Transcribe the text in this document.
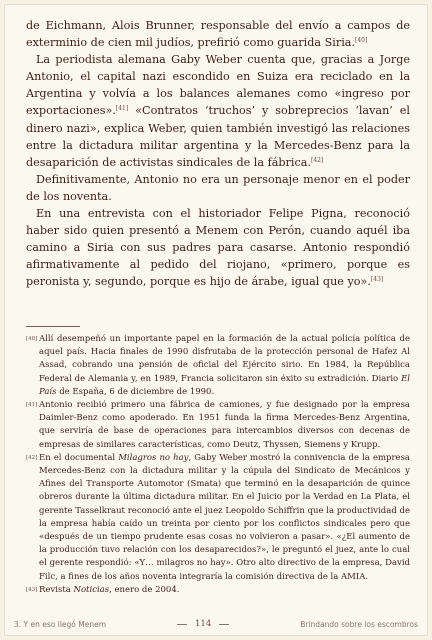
de Eichmann, Alois Brunner, responsable del envío a campos de exterminio de cien mil judíos, prefirió como guarida Siria.[40]

La periodista alemana Gaby Weber cuenta que, gracias a Jorge Antonio, el capital nazi escondido en Suiza era reciclado en la Argentina y volvía a los balances alemanes como «ingreso por exportaciones».[41] «Contratos ‘truchos’ y sobreprecios ‘lavan’ el dinero nazi», explica Weber, quien también investigó las relaciones entre la dictadura militar argentina y la Mercedes-Benz para la desaparición de activistas sindicales de la fábrica.[42]

Definitivamente, Antonio no era un personaje menor en el poder de los noventa.

En una entrevista con el historiador Felipe Pigna, reconoció haber sido quien presentó a Menem con Perón, cuando aquél iba camino a Siria con sus padres para casarse. Antonio respondió afirmativamente al pedido del riojano, «primero, porque es peronista y, segundo, porque es hijo de árabe, igual que yo».[43]

[40] Allí desempeñó un importante papel en la formación de la actual policía política de aquel país. Hacia finales de 1990 disfrutaba de la protección personal de Hafez Al Assad, cobrando una pensión de oficial del Ejército sirio. En 1984, la República Federal de Alemania y, en 1989, Francia solicitaron sin éxito su extradición. Diario El País de España, 6 de diciembre de 1990.
[41] Antonio recibió primero una fábrica de camiones, y fue designado por la empresa Daimler-Benz como apoderado. En 1951 funda la firma Mercedes-Benz Argentina, que serviría de base de operaciones para intercambios diversos con decenas de empresas de similares características, como Deutz, Thyssen, Siemens y Krupp.
[42] En el documental Milagros no hay, Gaby Weber mostró la connivencia de la empresa Mercedes-Benz con la dictadura militar y la cúpula del Sindicato de Mecánicos y Afines del Transporte Automotor (Smata) que terminó en la desaparición de quince obreros durante la última dictadura militar. En el Juicio por la Verdad en La Plata, el gerente Tasselkraut reconoció ante el juez Leopoldo Schiffrin que la productividad de la empresa había caído un treinta por ciento por los conflictos sindicales pero que «después de un tiempo prudente esas cosas no volvieron a pasar». «¿El aumento de la producción tuvo relación con los desaparecidos?», le preguntó el juez, ante lo cual el gerente respondió: «Y… milagros no hay». Otro alto directivo de la empresa, David Filc, a fines de los años noventa integraría la comisión directiva de la AMIA.
[43] Revista Noticias, enero de 2004.
3. Y en eso llegó Menem	114	Brindando sobre los escombros
